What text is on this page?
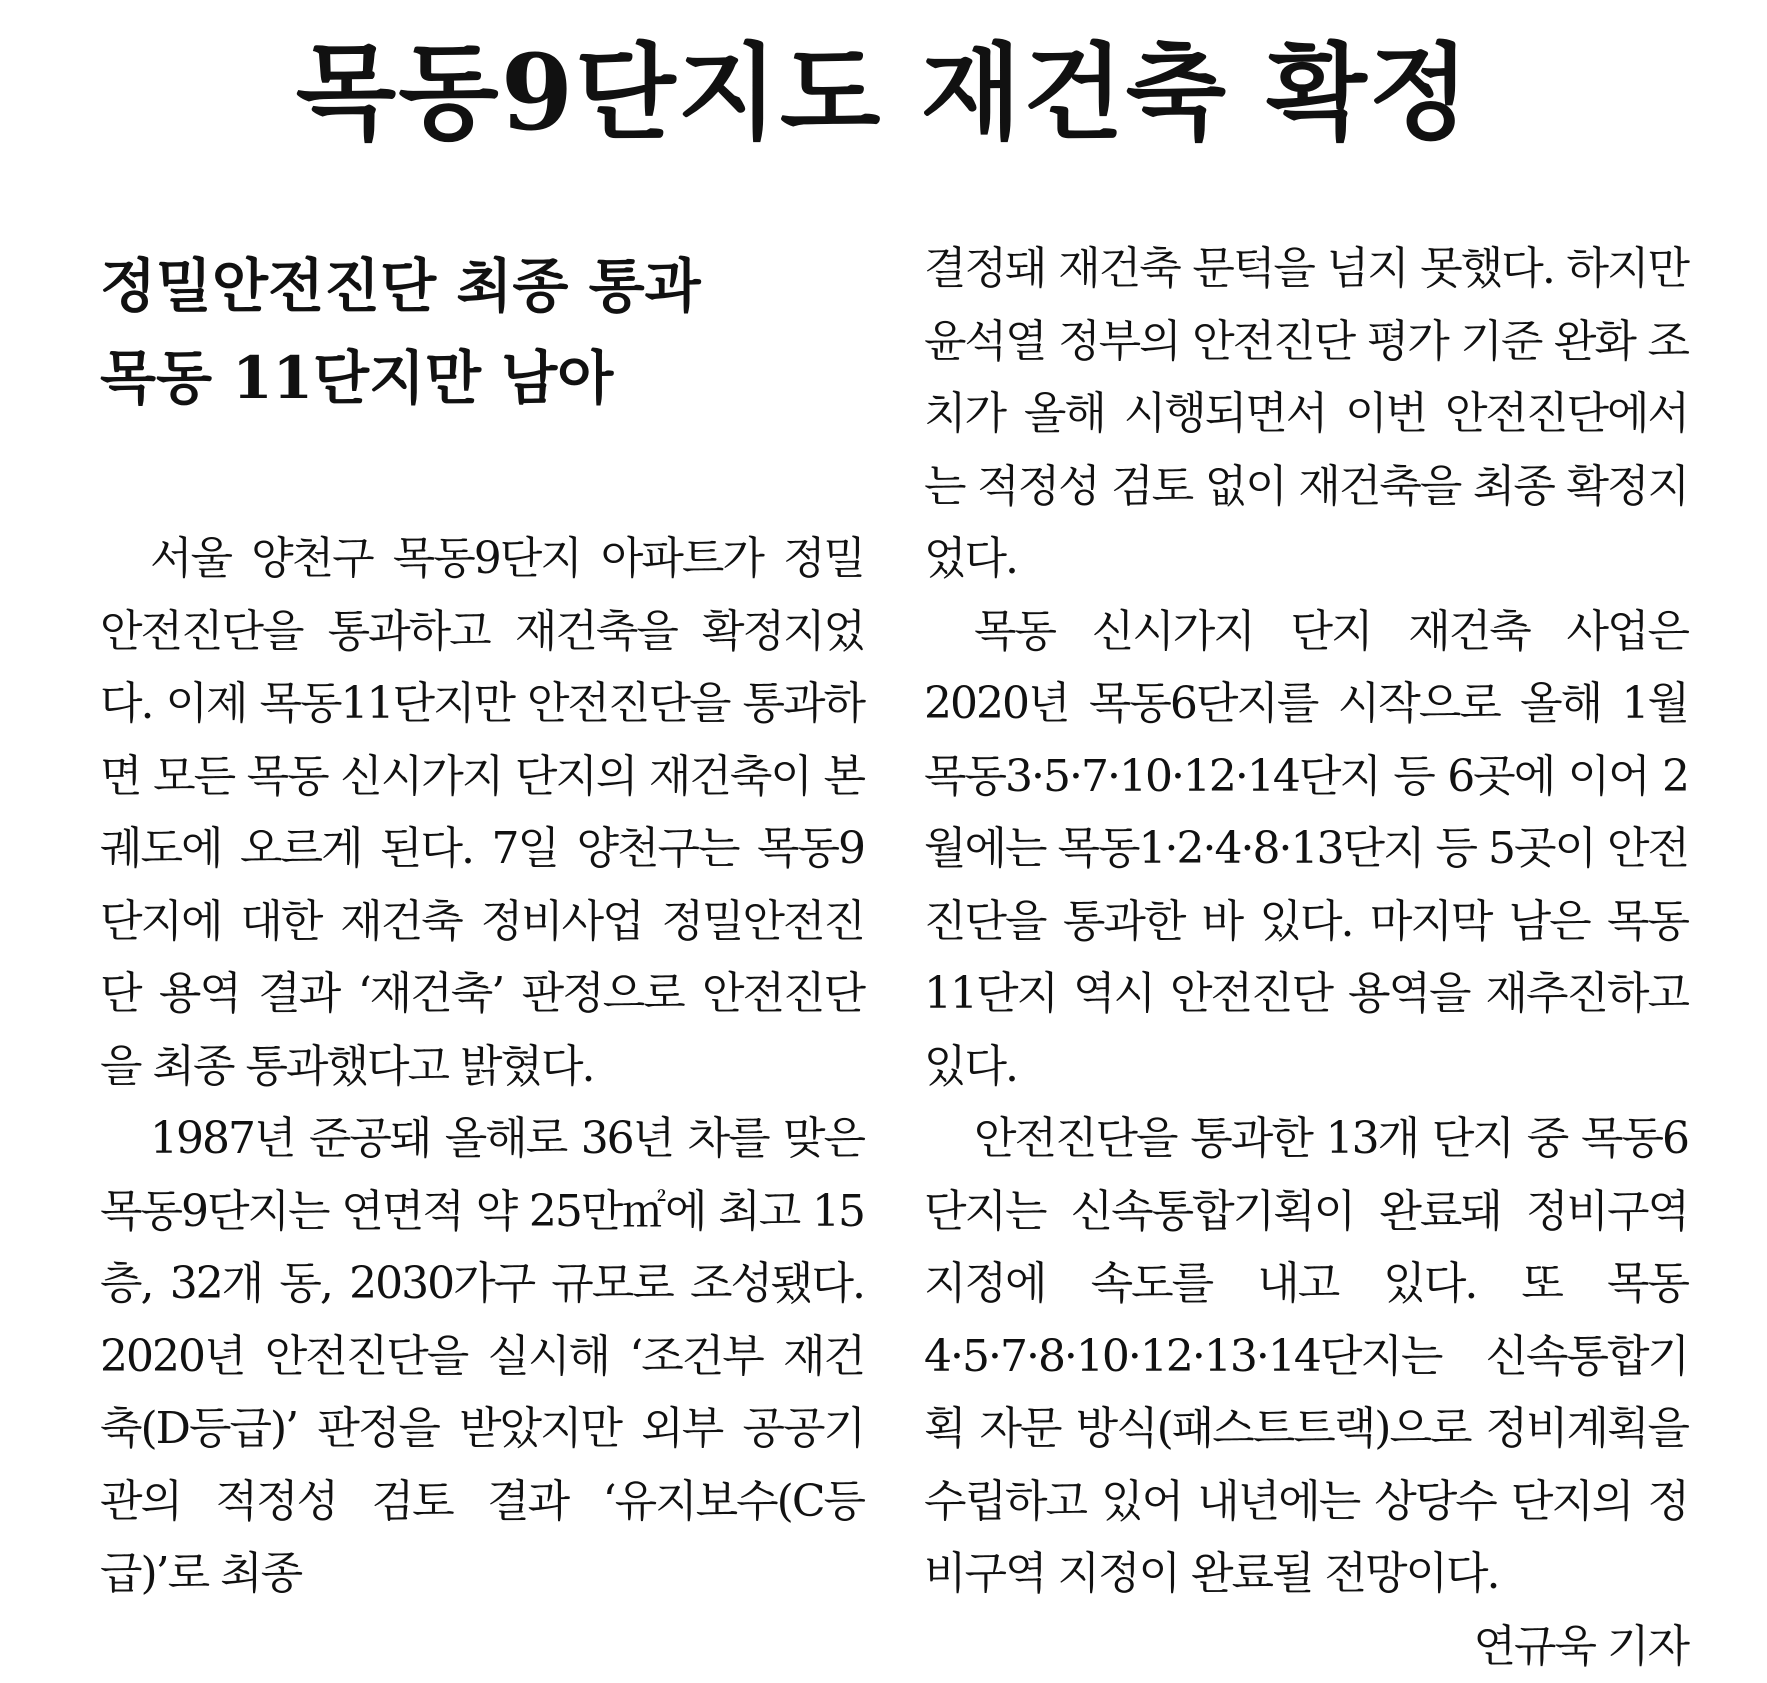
목동9단지도 재건축 확정
정밀안전진단 최종 통과
목동 11단지만 남아

서울 양천구 목동9단지 아파트가 정밀안전진단을 통과하고 재건축을 확정지었다. 이제 목동11단지만 안전진단을 통과하면 모든 목동 신시가지 단지의 재건축이 본궤도에 오르게 된다. 7일 양천구는 목동9단지에 대한 재건축 정비사업 정밀안전진단 용역 결과 ‘재건축’ 판정으로 안전진단을 최종 통과했다고 밝혔다.

1987년 준공돼 올해로 36년 차를 맞은 목동9단지는 연면적 약 25만㎡에 최고 15층, 32개 동, 2030가구 규모로 조성됐다. 2020년 안전진단을 실시해 ‘조건부 재건축(D등급)’ 판정을 받았지만 외부 공공기관의 적정성 검토 결과 ‘유지보수(C등급)’로 최종

결정돼 재건축 문턱을 넘지 못했다. 하지만 윤석열 정부의 안전진단 평가 기준 완화 조치가 올해 시행되면서 이번 안전진단에서는 적정성 검토 없이 재건축을 최종 확정지었다.

목동 신시가지 단지 재건축 사업은 2020년 목동6단지를 시작으로 올해 1월 목동3·5·7·10·12·14단지 등 6곳에 이어 2월에는 목동1·2·4·8·13단지 등 5곳이 안전진단을 통과한 바 있다. 마지막 남은 목동11단지 역시 안전진단 용역을 재추진하고 있다.

안전진단을 통과한 13개 단지 중 목동6단지는 신속통합기획이 완료돼 정비구역 지정에 속도를 내고 있다. 또 목동4·5·7·8·10·12·13·14단지는 신속통합기획 자문 방식(패스트트랙)으로 정비계획을 수립하고 있어 내년에는 상당수 단지의 정비구역 지정이 완료될 전망이다.
연규욱 기자
